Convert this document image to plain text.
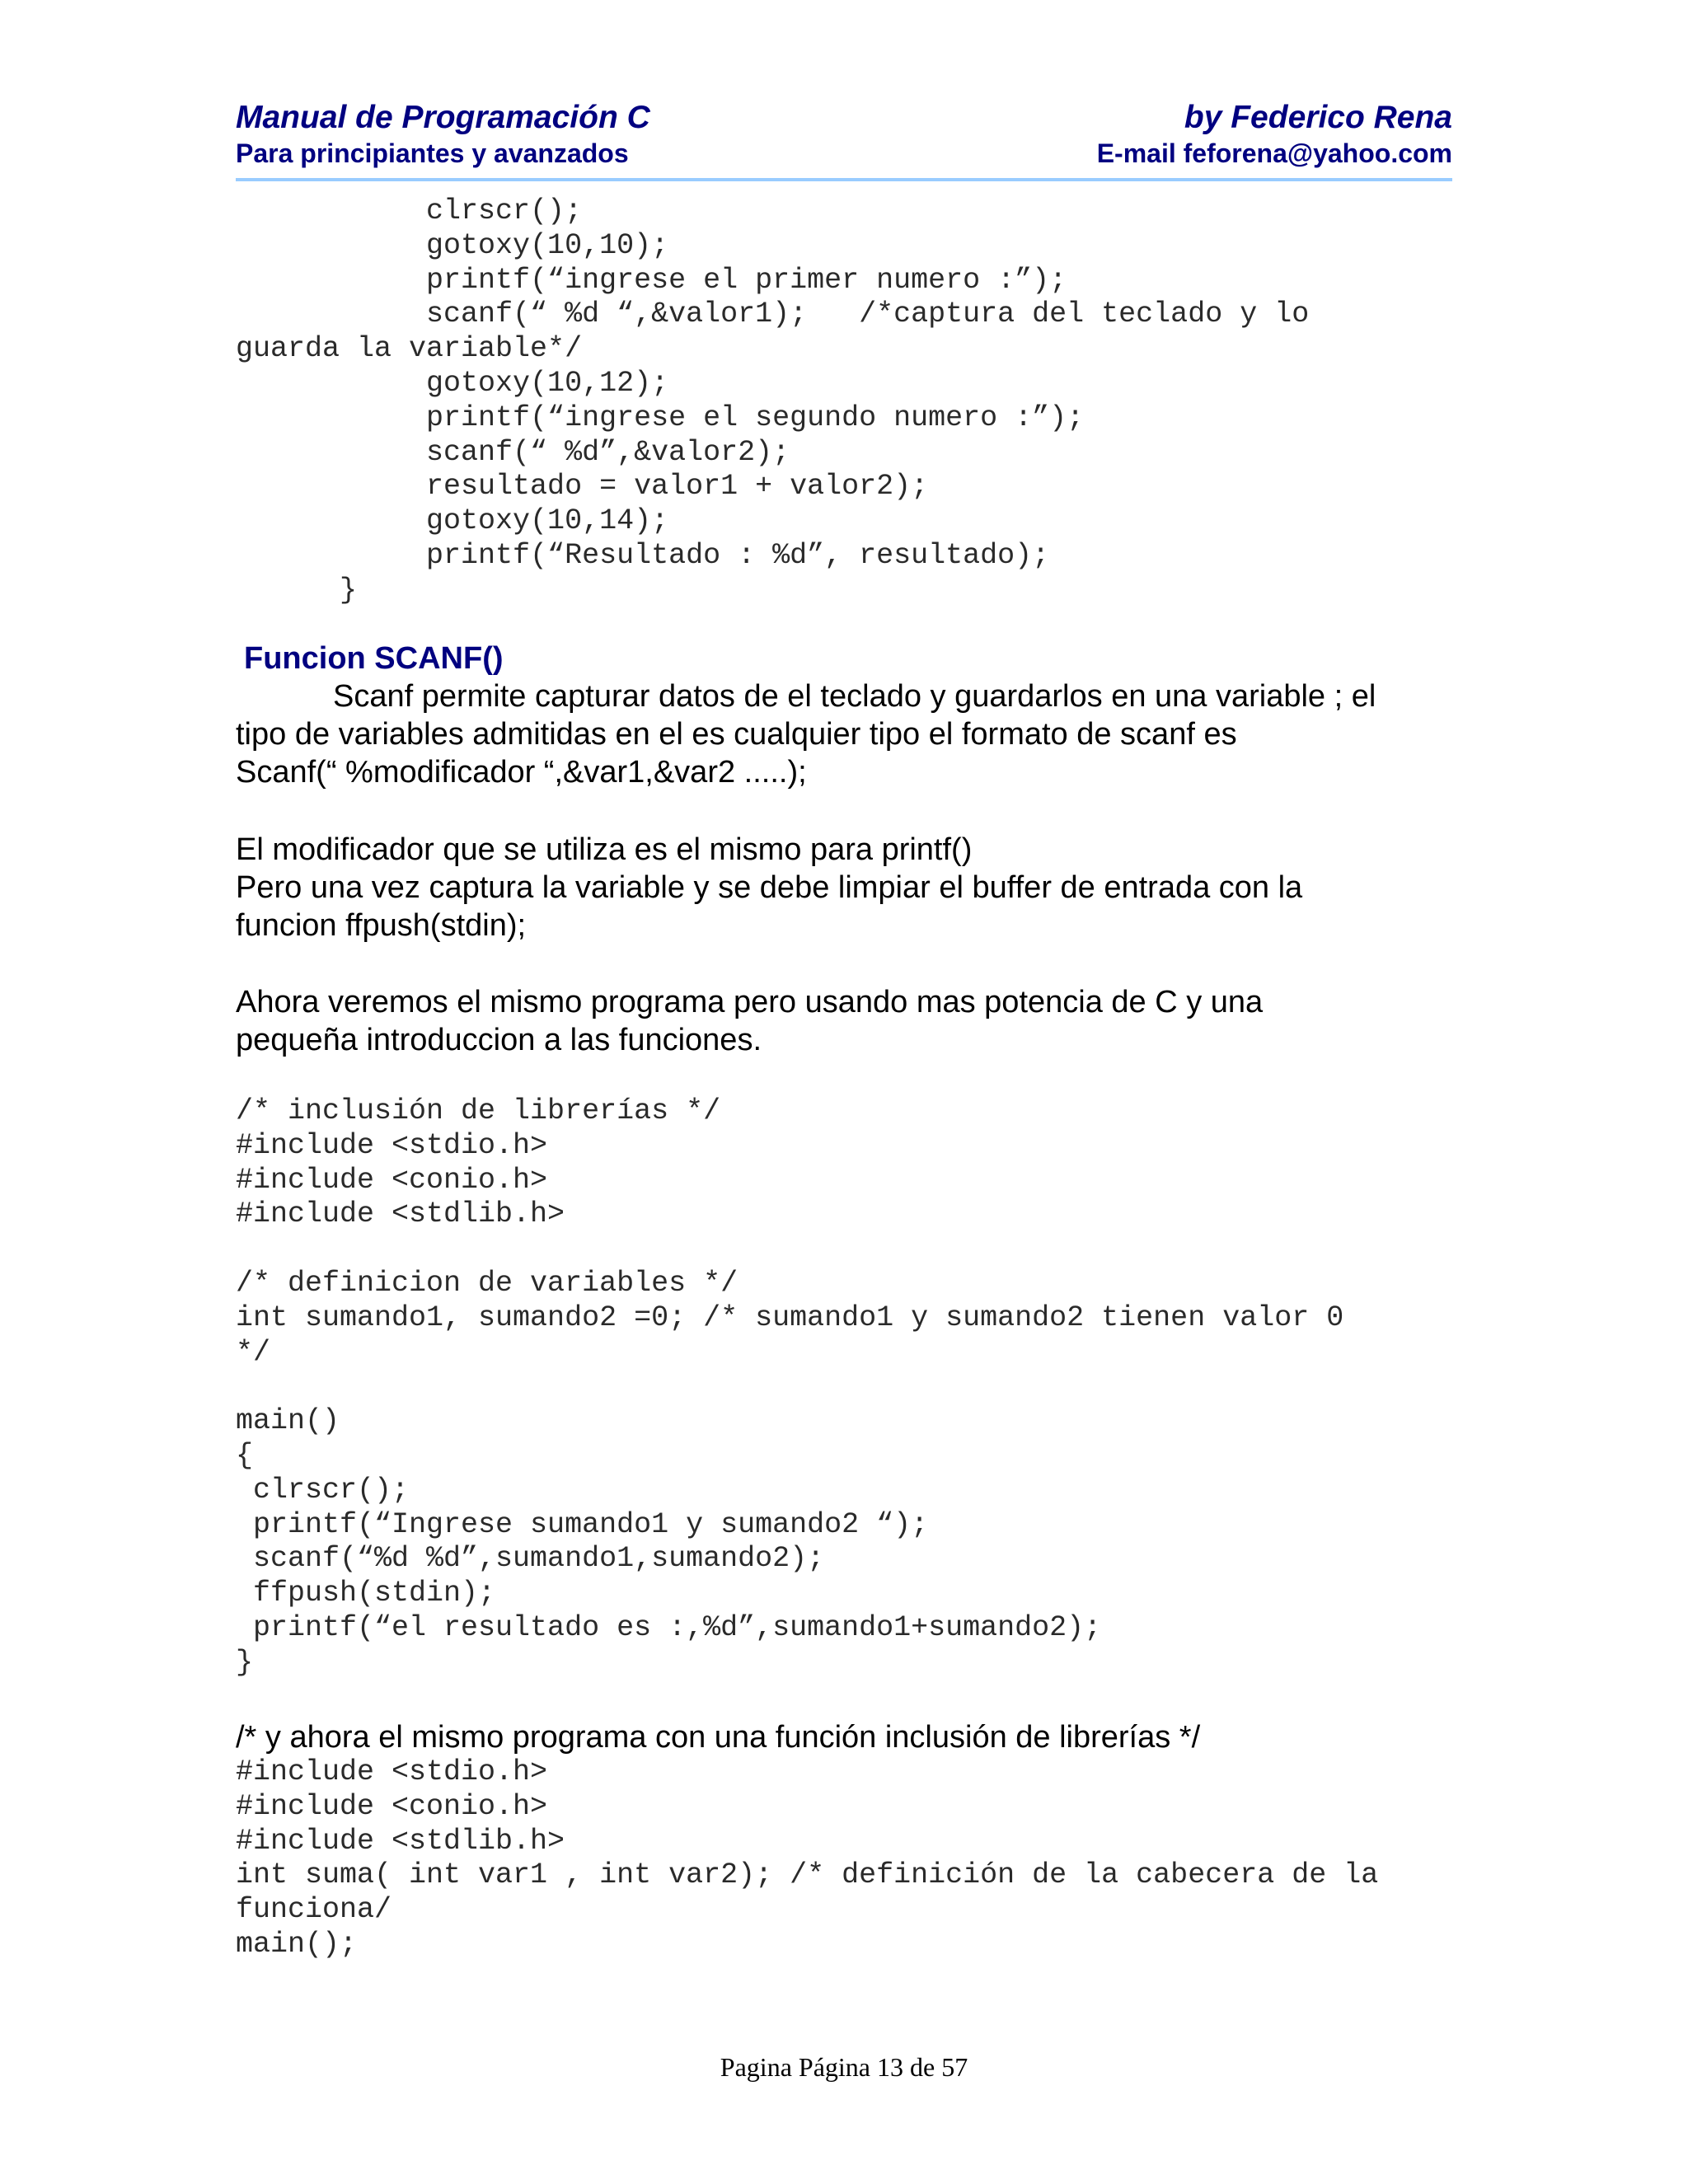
Manual de Programación C	by Federico Rena
Para principiantes y avanzados	E-mail feforena@yahoo.com
clrscr();
gotoxy(10,10);
printf(“ingrese el primer numero :”);
scanf(“ %d “,&valor1);   /*captura del teclado y lo
guarda la variable*/
gotoxy(10,12);
printf(“ingrese el segundo numero :”);
scanf(“ %d”,&valor2);
resultado = valor1 + valor2);
gotoxy(10,14);
printf(“Resultado : %d”, resultado);
}
Funcion SCANF()
Scanf permite capturar datos de el teclado y guardarlos en una variable ; el
tipo de variables admitidas en el es cualquier tipo el formato de scanf es
Scanf(“ %modificador “,&var1,&var2 .....);
El modificador que se utiliza es el mismo para printf()
Pero una vez captura la variable y se debe limpiar el buffer de entrada con la
funcion ffpush(stdin);
Ahora veremos el mismo programa pero usando mas potencia de C y una
pequeña introduccion a las funciones.
/* inclusión de librerías */
#include <stdio.h>
#include <conio.h>
#include <stdlib.h>

/* definicion de variables */
int sumando1, sumando2 =0; /* sumando1 y sumando2 tienen valor 0
*/

main()
{
clrscr();
printf(“Ingrese sumando1 y sumando2 “);
scanf(“%d %d”,sumando1,sumando2);
ffpush(stdin);
printf(“el resultado es :,%d”,sumando1+sumando2);
}
/* y ahora el mismo programa con una función inclusión de librerías */
#include <stdio.h>
#include <conio.h>
#include <stdlib.h>
int suma( int var1 , int var2); /* definición de la cabecera de la
funciona/
main();
Pagina Página 13 de 57
